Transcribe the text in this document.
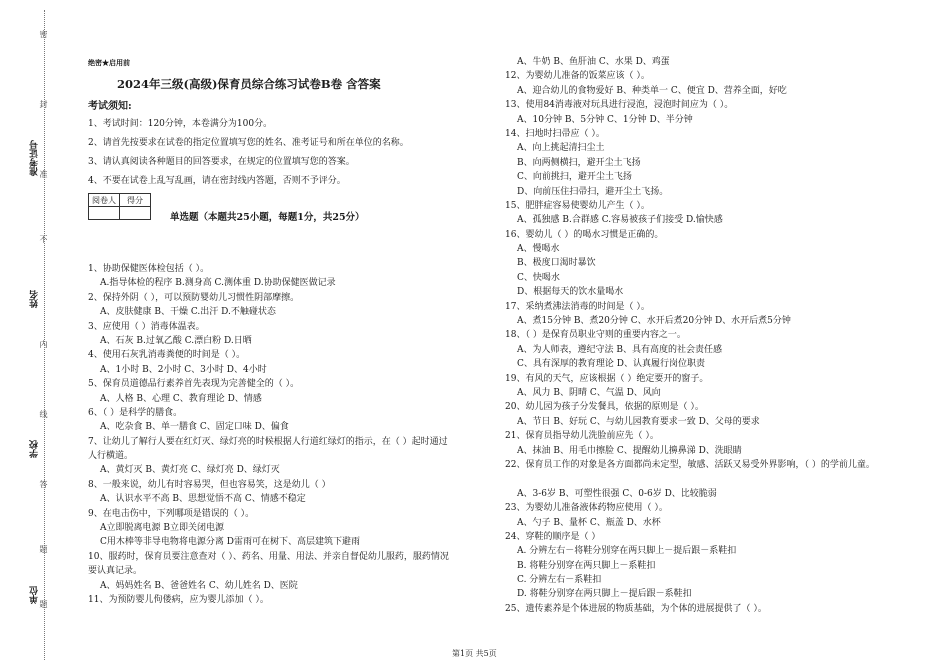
准考证号
姓名
学校
单位
密
封
线
内
不
准
答
题
题
绝密★启用前
2024年三级(高级)保育员综合练习试卷B卷 含答案
考试须知:
1、考试时间：120分钟，本卷满分为100分。
2、请首先按要求在试卷的指定位置填写您的姓名、准考证号和所在单位的名称。
3、请认真阅读各种题目的回答要求，在规定的位置填写您的答案。
4、不要在试卷上乱写乱画，请在密封线内答题，否则不予评分。
阅卷人	得分

单选题（本题共25小题，每题1分，共25分）
1、协助保健医体检包括（ ）。
A.指导体检的程序 B.测身高 C.测体重 D.协助保健医做记录
2、保持外阴（ ），可以预防婴幼儿习惯性阴部摩擦。
A、皮肤健康 B、干燥 C.出汗 D.不触碰状态
3、应使用（ ）消毒体温表。
A、石灰 B.过氧乙酸 C.漂白粉 D.日晒
4、使用石灰乳消毒粪便的时间是（ ）。
A、1小时 B、2小时 C、3小时 D、4小时
5、保育员道德品行素养首先表现为完善健全的（ ）。
A、人格 B、心理 C、教育理论 D、情感
6、（ ）是科学的膳食。
A、吃杂食 B、单一膳食 C、固定口味 D、偏食
7、让幼儿了解行人要在红灯灭、绿灯亮的时候根据人行道红绿灯的指示，在（ ）起时通过
人行横道。
A、黄灯灭 B、黄灯亮 C、绿灯亮 D、绿灯灭
8、一般来说，幼儿有时容易哭，但也容易笑，这是幼儿（ ）
A、认识水平不高 B、思想觉悟不高 C、情感不稳定
9、在电击伤中，下列哪项是错误的（ ）。
A立即脱离电源 B立即关闭电源
C用木棒等非导电物将电源分离 D雷雨可在树下、高层建筑下避雨
10、服药时，保育员要注意查对（ ）、药名、用量、用法、并亲自督促幼儿服药，服药情况
要认真记录。
A、妈妈姓名 B、爸爸姓名 C、幼儿姓名 D、医院
11、为预防婴儿佝偻病，应为婴儿添加（ ）。
A、牛奶 B、鱼肝油 C、水果 D、鸡蛋
12、为婴幼儿准备的饭菜应该（ ）。
A、迎合幼儿的食物爱好 B、种类单一 C、便宜 D、营养全面，好吃
13、使用84消毒液对玩具进行浸泡，浸泡时间应为（ ）。
A、10分钟 B、5分钟 C、1分钟 D、半分钟
14、扫地时扫帚应（ ）。
A、向上挑起清扫尘土
B、向两侧横扫，避开尘土飞扬
C、向前挑扫，避开尘土飞扬
D、向前压住扫帚扫，避开尘土飞扬。
15、肥胖症容易使婴幼儿产生（ ）。
A、孤独感 B.合群感 C.容易被孩子们接受 D.愉快感
16、婴幼儿（ ）的喝水习惯是正确的。
A、慢喝水
B、极度口渴时暴饮
C、快喝水
D、根据每天的饮水量喝水
17、采纳煮沸法消毒的时间是（ ）。
A、煮15分钟 B、煮20分钟 C、水开后煮20分钟 D、水开后煮5分钟
18、（ ）是保育员职业守则的重要内容之一。
A、为人师表，遵纪守法 B、具有高度的社会责任感
C、具有深厚的教育理论 D、认真履行岗位职责
19、有风的天气，应该根据（ ）绝定要开的窗子。
A、风力 B、阴晴 C、气温 D、风向
20、幼儿园为孩子分发餐具，依据的原则是（ ）。
A、节日 B、好玩 C、与幼儿园教育要求一致 D、父母的要求
21、保育员指导幼儿洗脸前应先（ ）。
A、抹油 B、用毛巾擦脸 C、提醒幼儿擤鼻涕 D、洗眼睛
22、保育员工作的对象是各方面都尚未定型，敏感、活跃又易受外界影响，（ ）的学前儿童。
A、3-6岁 B、可塑性很强 C、0-6岁 D、比较脆弱
23、为婴幼儿准备液体药物应使用（ ）。
A、勺子 B、量杯 C、瓶盖 D、水杯
24、穿鞋的顺序是（ ）
A. 分辨左右－将鞋分别穿在两只脚上－提后跟－系鞋扣
B. 将鞋分别穿在两只脚上－系鞋扣
C. 分辨左右－系鞋扣
D. 将鞋分别穿在两只脚上－提后跟－系鞋扣
25、遗传素养是个体进展的物质基础，为个体的进展提供了（ ）。
第1页 共5页
